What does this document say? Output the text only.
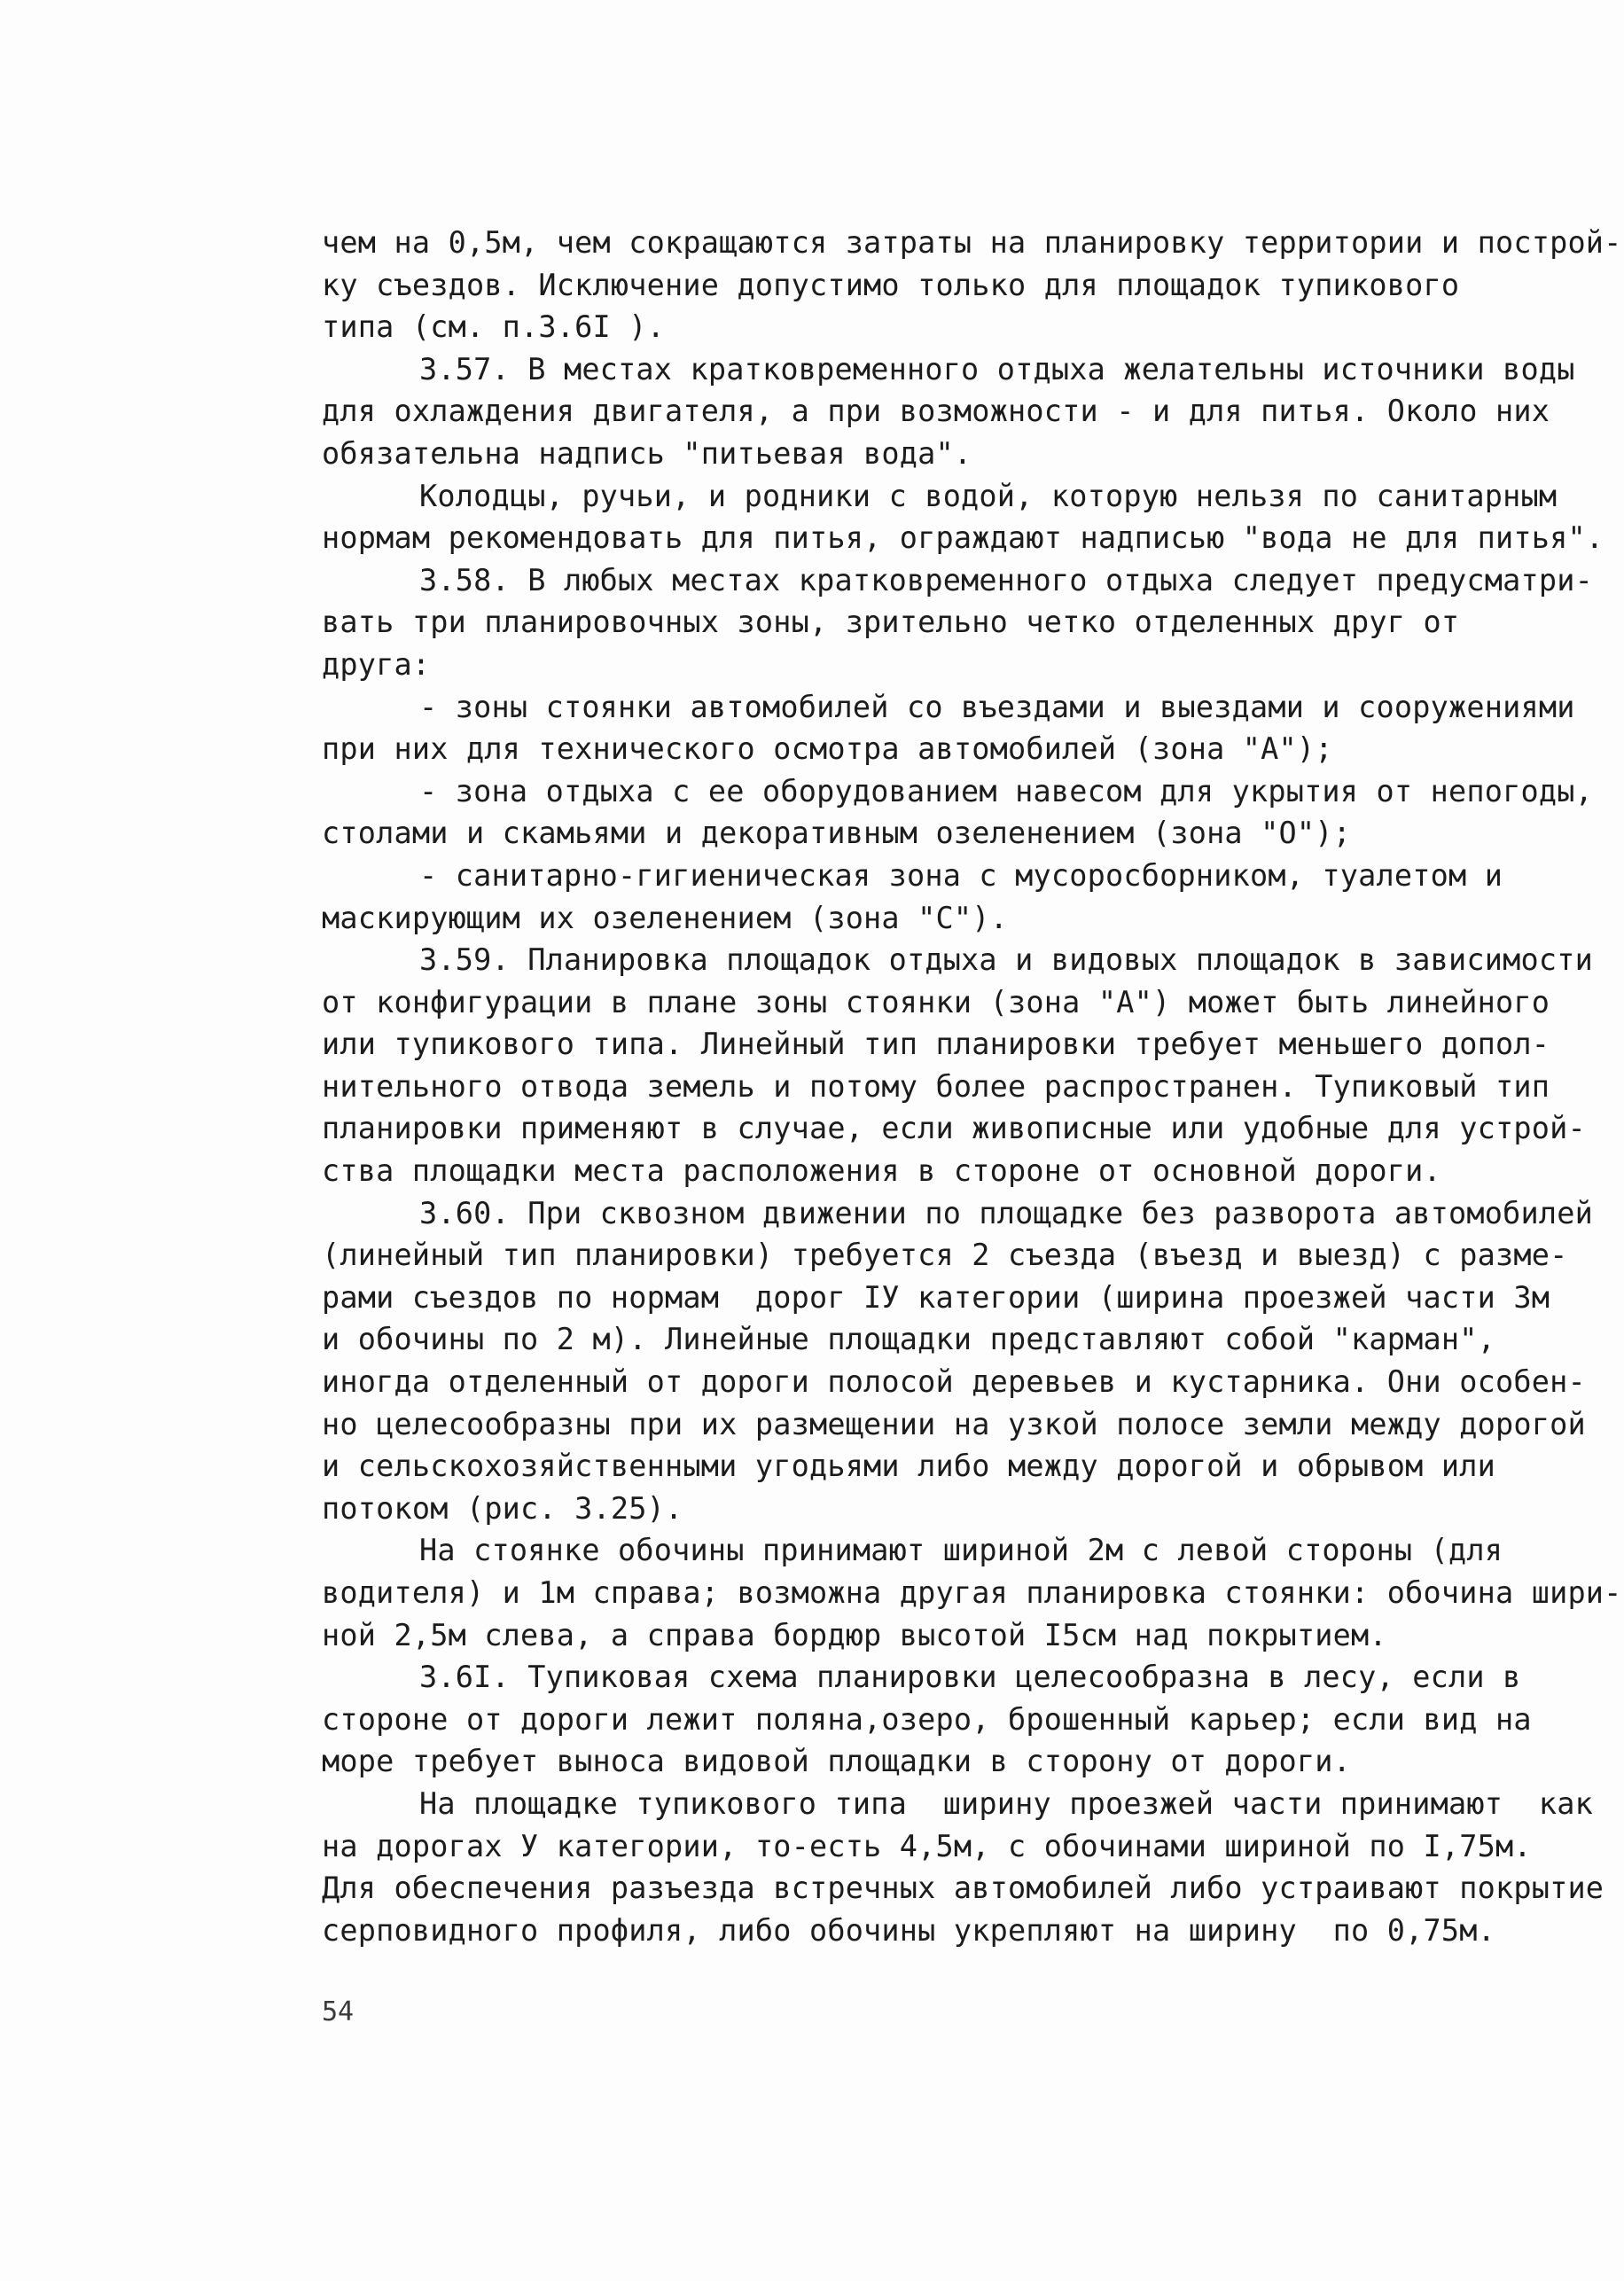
чем на 0,5м, чем сокращаются затраты на планировку территории и построй-
ку съездов. Исключение допустимо только для площадок тупикового
типа (см. п.3.6I ).
3.57. В местах кратковременного отдыха желательны источники воды
для охлаждения двигателя, а при возможности - и для питья. Около них
обязательна надпись "питьевая вода".
Колодцы, ручьи, и родники с водой, которую нельзя по санитарным
нормам рекомендовать для питья, ограждают надписью "вода не для питья".
3.58. В любых местах кратковременного отдыха следует предусматри-
вать три планировочных зоны, зрительно четко отделенных друг от
друга:
- зоны стоянки автомобилей со въездами и выездами и сооружениями
при них для технического осмотра автомобилей (зона "А");
- зона отдыха с ее оборудованием навесом для укрытия от непогоды,
столами и скамьями и декоративным озеленением (зона "О");
- санитарно-гигиеническая зона с мусоросборником, туалетом и
маскирующим их озеленением (зона "С").
3.59. Планировка площадок отдыха и видовых площадок в зависимости
от конфигурации в плане зоны стоянки (зона "А") может быть линейного
или тупикового типа. Линейный тип планировки требует меньшего допол-
нительного отвода земель и потому более распространен. Тупиковый тип
планировки применяют в случае, если живописные или удобные для устрой-
ства площадки места расположения в стороне от основной дороги.
3.60. При сквозном движении по площадке без разворота автомобилей
(линейный тип планировки) требуется 2 съезда (въезд и выезд) с разме-
рами съездов по нормам  дорог IУ категории (ширина проезжей части 3м
и обочины по 2 м). Линейные площадки представляют собой "карман",
иногда отделенный от дороги полосой деревьев и кустарника. Они особен-
но целесообразны при их размещении на узкой полосе земли между дорогой
и сельскохозяйственными угодьями либо между дорогой и обрывом или
потоком (рис. 3.25).
На стоянке обочины принимают шириной 2м с левой стороны (для
водителя) и 1м справа; возможна другая планировка стоянки: обочина шири-
ной 2,5м слева, а справа бордюр высотой I5см над покрытием.
3.6I. Тупиковая схема планировки целесообразна в лесу, если в
стороне от дороги лежит поляна,озеро, брошенный карьер; если вид на
море требует выноса видовой площадки в сторону от дороги.
На площадке тупикового типа  ширину проезжей части принимают  как
на дорогах У категории, то-есть 4,5м, с обочинами шириной по I,75м.
Для обеспечения разъезда встречных автомобилей либо устраивают покрытие
серповидного профиля, либо обочины укрепляют на ширину  по 0,75м.
54
